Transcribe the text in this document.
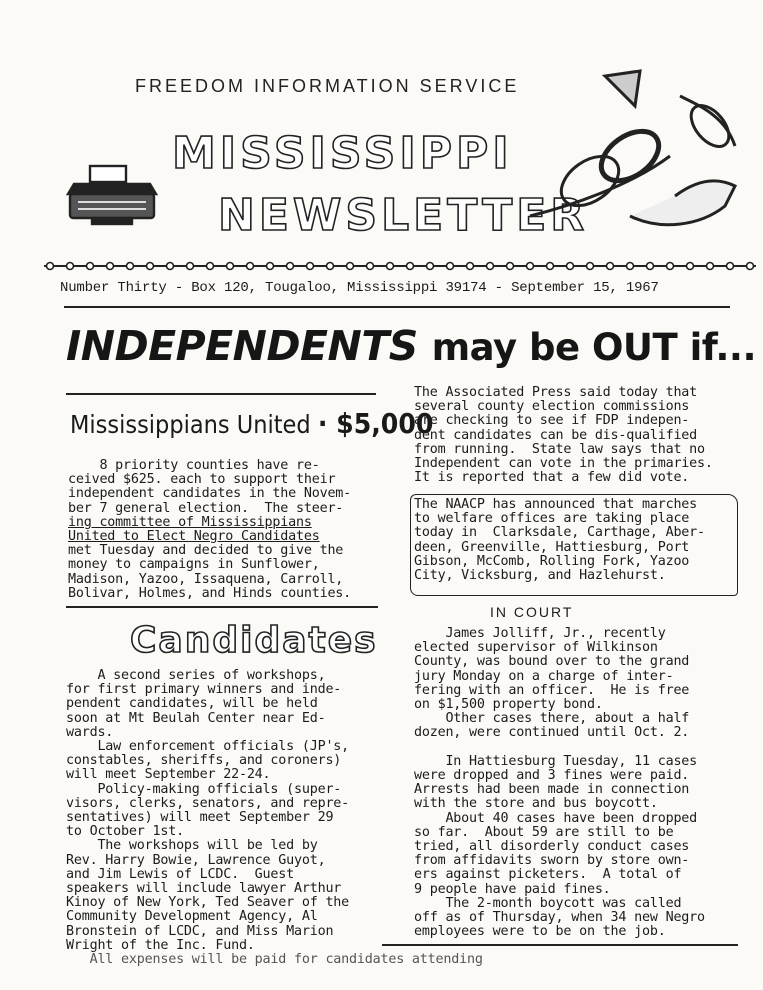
FREEDOM INFORMATION SERVICE
MISSISSIPPI
NEWSLETTER
Number Thirty - Box 120, Tougaloo, Mississippi 39174 - September 15, 1967
INDEPENDENTS may be OUT if...
Mississippians United · $5,000
8 priority counties have re-
ceived $625. each to support their
independent candidates in the Novem-
ber 7 general election.  The steer-
ing committee of Mississippians
United to Elect Negro Candidates
met Tuesday and decided to give the
money to campaigns in Sunflower,
Madison, Yazoo, Issaquena, Carroll,
Bolivar, Holmes, and Hinds counties.
Candidates
A second series of workshops,
for first primary winners and inde-
pendent candidates, will be held
soon at Mt Beulah Center near Ed-
wards.
Law enforcement officials (JP's,
constables, sheriffs, and coroners)
will meet September 22-24.
Policy-making officials (super-
visors, clerks, senators, and repre-
sentatives) will meet September 29
to October 1st.
The workshops will be led by
Rev. Harry Bowie, Lawrence Guyot,
and Jim Lewis of LCDC.  Guest
speakers will include lawyer Arthur
Kinoy of New York, Ted Seaver of the
Community Development Agency, Al
Bronstein of LCDC, and Miss Marion
Wright of the Inc. Fund.
All expenses will be paid for candidates attending
The Associated Press said today that
several county election commissions
are checking to see if FDP indepen-
dent candidates can be dis-qualified
from running.  State law says that no
Independent can vote in the primaries.
It is reported that a few did vote.
The NAACP has announced that marches
to welfare offices are taking place
today in  Clarksdale, Carthage, Aber-
deen, Greenville, Hattiesburg, Port
Gibson, McComb, Rolling Fork, Yazoo
City, Vicksburg, and Hazlehurst.
IN COURT
James Jolliff, Jr., recently
elected supervisor of Wilkinson
County, was bound over to the grand
jury Monday on a charge of inter-
fering with an officer.  He is free
on $1,500 property bond.
Other cases there, about a half
dozen, were continued until Oct. 2.

In Hattiesburg Tuesday, 11 cases
were dropped and 3 fines were paid.
Arrests had been made in connection
with the store and bus boycott.
About 40 cases have been dropped
so far.  About 59 are still to be
tried, all disorderly conduct cases
from affidavits sworn by store own-
ers against picketers.  A total of
9 people have paid fines.
The 2-month boycott was called
off as of Thursday, when 34 new Negro
employees were to be on the job.
